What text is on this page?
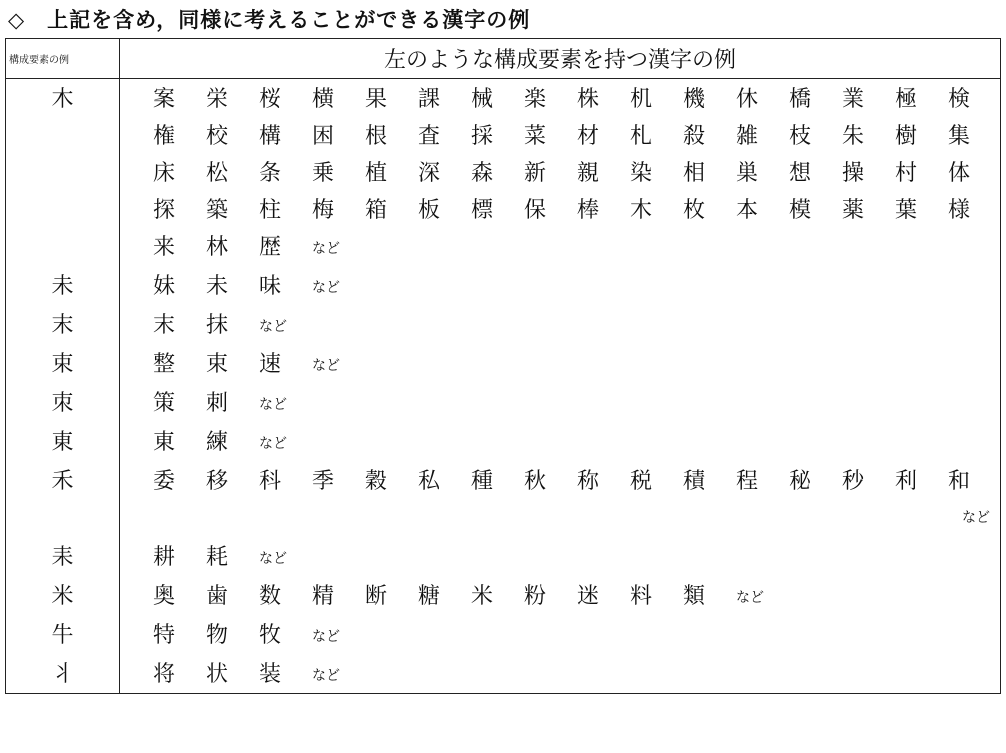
◇　上記を含め，同様に考えることができる漢字の例
構成要素の例	左のような構成要素を持つ漢字の例
木	案 栄 桜 横 果 課 械 楽 株 机 機 休 橋 業 極 検
権 校 構 困 根 査 採 菜 材 札 殺 雑 枝 朱 樹 集
床 松 条 乗 植 深 森 新 親 染 相 巣 想 操 村 体
探 築 柱 梅 箱 板 標 保 棒 木 枚 本 模 薬 葉 様
来 林 歴 など

未	妹 未 味 など

末	末 抹 など

束	整 束 速 など

朿	策 刺 など

東	東 練 など

禾	委 移 科 季 穀 私 種 秋 称 税 積 程 秘 秒 利 和
など

耒	耕 耗 など

米	奥 歯 数 精 断 糖 米 粉 迷 料 類 など

牛	特 物 牧 など

丬	将 状 装 など
